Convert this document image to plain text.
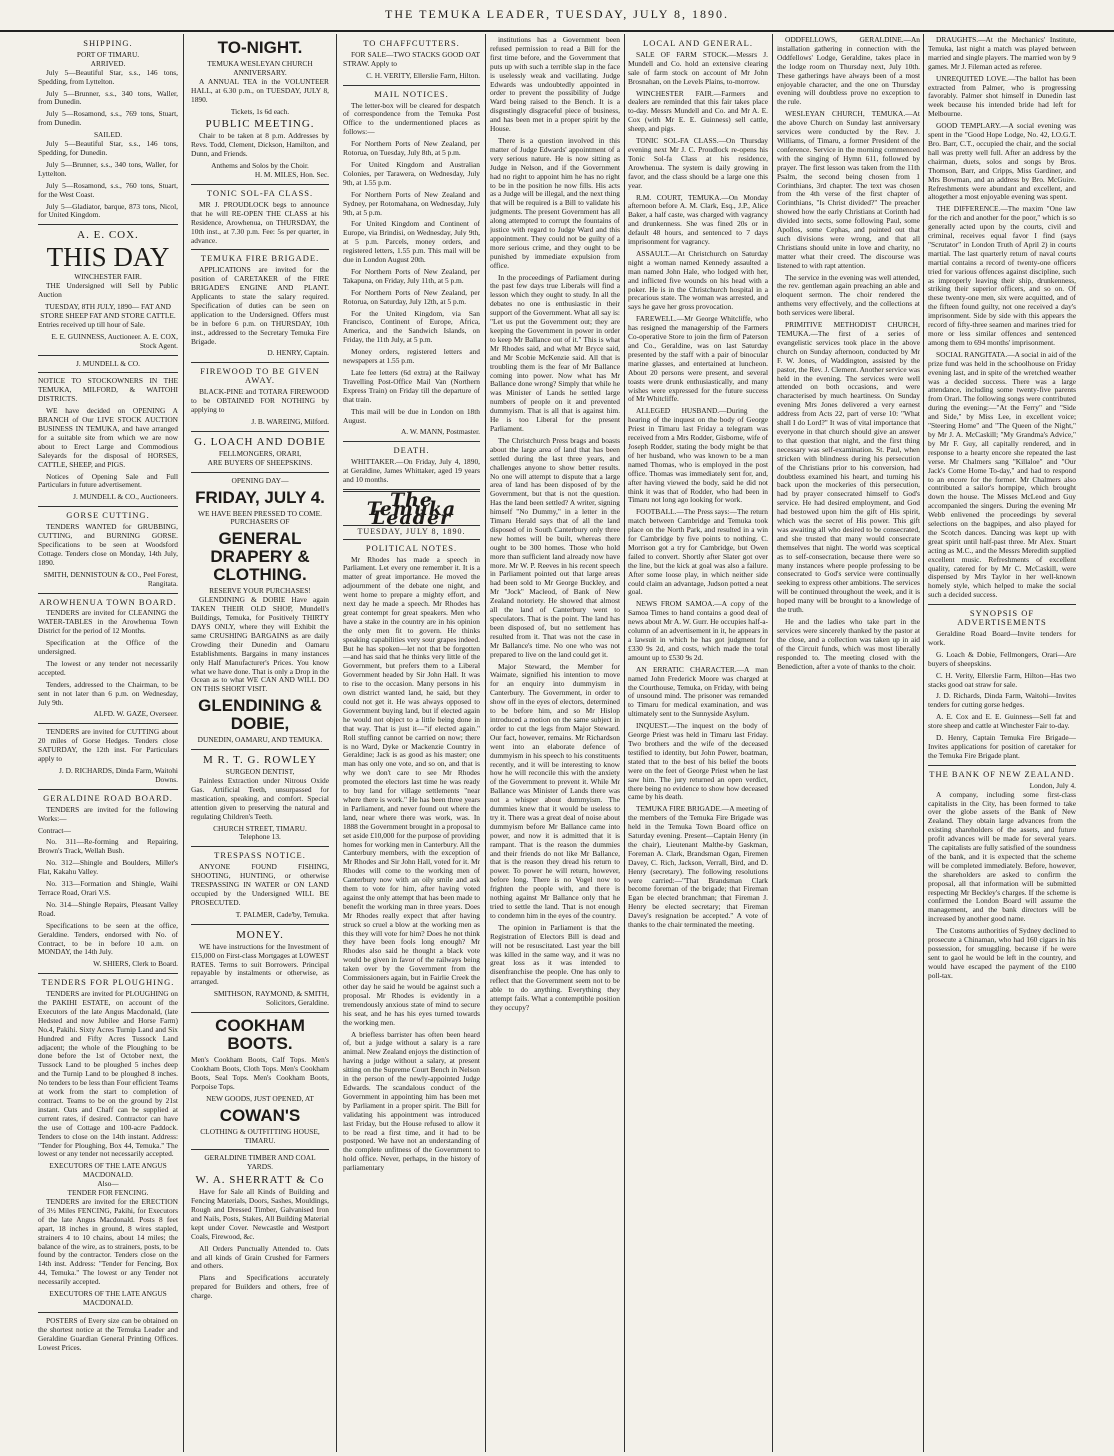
THE TEMUKA LEADER, TUESDAY, JULY 8, 1890.
SHIPPING.
PORT OF TIMARU.
ARRIVED.

July 5—Beautiful Star, s.s., 146 tons, Spedding, from Lyttelton.

July 5—Brunner, s.s., 340 tons, Waller, from Dunedin.

July 5—Rosamond, s.s., 769 tons, Stuart, from Dunedin.

SAILED.

July 5—Beautiful Star, s.s., 146 tons, Spedding, for Dunedin.

July 5—Brunner, s.s., 340 tons, Waller, for Lyttelton.

July 5—Rosamond, s.s., 760 tons, Stuart, for the West Coast.

July 5—Gladiator, barque, 873 tons, Nicol, for United Kingdom.

A. E. COX.
THIS DAY
WINCHESTER FAIR.

THE Undersigned will Sell by Public Auction

TUESDAY, 8TH JULY, 1890— FAT AND STORE SHEEP FAT AND STORE CATTLE.

Entries received up till hour of Sale.

E. E. GUINNESS, Auctioneer. A. E. COX, Stock Agent.
J. MUNDELL & CO.

NOTICE TO STOCKOWNERS IN THE TEMUKA, MILFORD, & WAITOHI DISTRICTS.

WE have decided on OPENING A BRANCH of Our LIVE STOCK AUCTION BUSINESS IN TEMUKA, and have arranged for a suitable site from which we are now about to Erect Large and Commodious Saleyards for the disposal of HORSES, CATTLE, SHEEP, and PIGS.

Notices of Opening Sale and Full Particulars in future advertisement.

J. MUNDELL & CO., Auctioneers.
GORSE CUTTING.

TENDERS WANTED for GRUBBING, CUTTING, and BURNING GORSE. Specifications to be seen at Woodsford Cottage. Tenders close on Monday, 14th July, 1890.

SMITH, DENNISTOUN & CO., Peel Forest, Rangitata.
AROWHENUA TOWN BOARD.

TENDERS are invited for CLEANING the WATER-TABLES in the Arowhenua Town District for the period of 12 Months.

Specification at the Office of the undersigned.

The lowest or any tender not necessarily accepted.

Tenders, addressed to the Chairman, to be sent in not later than 6 p.m. on Wednesday, July 9th.

ALFD. W. GAZE, Overseer.

TENDERS are invited for CUTTING about 20 miles of Gorse Hedges. Tenders close SATURDAY, the 12th inst. For Particulars apply to

J. D. RICHARDS, Dinda Farm, Waitohi Downs.
GERALDINE ROAD BOARD.

TENDERS are invited for the following Works:—

Contract—

No. 311—Re-forming and Repairing, Brown's Track, Wellah Bush.

No. 312—Shingle and Boulders, Miller's Flat, Kakahu Valley.

No. 313—Formation and Shingle, Waihi Terrace Road, Orari V.S.

No. 314—Shingle Repairs, Pleasant Valley Road.

Specifications to be seen at the office, Geraldine. Tenders, endorsed with No. of Contract, to be in before 10 a.m. on MONDAY, the 14th July.

W. SHIERS, Clerk to Board.
TENDERS FOR PLOUGHING.

TENDERS are invited for PLOUGHING on the PAKIHI ESTATE, on account of the Executors of the late Angus Macdonald, (late Hedsted and now Jubilee and Horse Farm) No.4, Pakihi. Sixty Acres Turnip Land and Six Hundred and Fifty Acres Tussock Land adjacent; the whole of the Ploughing to be done before the 1st of October next, the Tussock Land to be ploughed 5 inches deep and the Turnip Land to be ploughed 8 inches. No tenders to be less than Four efficient Teams at work from the start to completion of contract. Teams to be on the ground by 21st instant. Oats and Chaff can be supplied at current rates, if desired. Contractor can have the use of Cottage and 100-acre Paddock. Tenders to close on the 14th instant. Address: "Tender for Ploughing, Box 44, Temuka." The lowest or any tender not necessarily accepted.

EXECUTORS OF THE LATE ANGUS MACDONALD.
Also—
TENDER FOR FENCING.

TENDERS are invited for the ERECTION of 3½ Miles FENCING, Pakihi, for Executors of the late Angus Macdonald. Posts 8 feet apart, 18 inches in ground, 8 wires stapled, strainers 4 to 10 chains, about 14 miles; the balance of the wire, as to strainers, posts, to be found by the contractor. Tenders close on the 14th inst. Address: "Tender for Fencing, Box 44, Temuka." The lowest or any Tender not necessarily accepted.

EXECUTORS OF THE LATE ANGUS MACDONALD.

POSTERS of Every size can be obtained on the shortest notice at the Temuka Leader and Geraldine Guardian General Printing Offices. Lowest Prices.

TO-NIGHT.
TEMUKA WESLEYAN CHURCH ANNIVERSARY.

A ANNUAL TEA in the VOLUNTEER HALL, at 6.30 p.m., on TUESDAY, JULY 8, 1890.

Tickets, 1s 6d each.
PUBLIC MEETING.

Chair to be taken at 8 p.m. Addresses by Revs. Todd, Clement, Dickson, Hamilton, and Dunn, and Friends.

Anthems and Solos by the Choir.
H. M. MILES, Hon. Sec.
TONIC SOL-FA CLASS.

MR J. PROUDLOCK begs to announce that he will RE-OPEN THE CLASS at his Residence, Arowhenua, on THURSDAY, the 10th inst., at 7.30 p.m. Fee: 5s per quarter, in advance.

TEMUKA FIRE BRIGADE.

APPLICATIONS are invited for the position of CARETAKER of the FIRE BRIGADE'S ENGINE AND PLANT. Applicants to state the salary required. Specification of duties can be seen on application to the Undersigned. Offers must be in before 6 p.m. on THURSDAY, 10th inst., addressed to the Secretary Temuka Fire Brigade.

D. HENRY, Captain.
FIREWOOD TO BE GIVEN AWAY.

BLACK-PINE and TOTARA FIREWOOD to be OBTAINED FOR NOTHING by applying to

J. B. WAREING, Milford.
G. LOACH AND DOBIE
FELLMONGERS, ORARI,
ARE BUYERS OF SHEEPSKINS.
OPENING DAY—
FRIDAY, JULY 4.
WE HAVE BEEN PRESSED TO COME.
PURCHASERS OF
GENERAL DRAPERY & CLOTHING.
RESERVE YOUR PURCHASES!

GLENDINING & DOBIE Have again TAKEN THEIR OLD SHOP, Mundell's Buildings, Temuka, for Positively THIRTY DAYS ONLY, where they will Exhibit the same CRUSHING BARGAINS as are daily Crowding their Dunedin and Oamaru Establishments. Bargains in many instances only Half Manufacturer's Prices. You know what we have done. That is only a Drop in the Ocean as to what WE CAN AND WILL DO ON THIS SHORT VISIT.

GLENDINING & DOBIE,
DUNEDIN, OAMARU, AND TEMUKA.
M R. T. G. ROWLEY
SURGEON DENTIST,

Painless Extraction under Nitrous Oxide Gas. Artificial Teeth, unsurpassed for mastication, speaking, and comfort. Special attention given to preserving the natural and regulating Children's Teeth.

CHURCH STREET, TIMARU.
Telephone 13.
TRESPASS NOTICE.

ANYONE FOUND FISHING, SHOOTING, HUNTING, or otherwise TRESPASSING IN WATER or ON LAND occupied by the Undersigned WILL BE PROSECUTED.

T. PALMER, Cade'by, Temuka.
MONEY.

WE have instructions for the Investment of £15,000 on First-class Mortgages at LOWEST RATES. Terms to suit Borrowers. Principal repayable by instalments or otherwise, as arranged.

SMITHSON, RAYMOND, & SMITH, Solicitors, Geraldine.
COOKHAM BOOTS.

Men's Cookham Boots, Calf Tops. Men's Cookham Boots, Cloth Tops. Men's Cookham Boots, Seal Tops. Men's Cookham Boots, Porpoise Tops.

NEW GOODS, JUST OPENED, AT
COWAN'S
CLOTHING & OUTFITTING HOUSE, TIMARU.
GERALDINE TIMBER AND COAL YARDS.
W. A. SHERRATT & Co

Have for Sale all Kinds of Building and Fencing Materials, Doors, Sashes, Mouldings, Rough and Dressed Timber, Galvanised Iron and Nails, Posts, Stakes, All Building Material kept under Cover. Newcastle and Westport Coals, Firewood, &c.

All Orders Punctually Attended to. Oats and all kinds of Grain Crushed for Farmers and others.

Plans and Specifications accurately prepared for Builders and others, free of charge.

TO CHAFFCUTTERS.

FOR SALE—TWO STACKS GOOD OAT STRAW. Apply to

C. H. VERITY, Ellerslie Farm, Hilton.
MAIL NOTICES.

The letter-box will be cleared for despatch of correspondence from the Temuka Post Office to the undermentioned places as follows:—

For Northern Ports of New Zealand, per Rotorua, on Tuesday, July 8th, at 5 p.m.

For United Kingdom and Australian Colonies, per Tarawera, on Wednesday, July 9th, at 1.55 p.m.

For Northern Ports of New Zealand and Sydney, per Rotomahana, on Wednesday, July 9th, at 5 p.m.

For United Kingdom and Continent of Europe, via Brindisi, on Wednesday, July 9th, at 5 p.m. Parcels, money orders, and registered letters, 1.55 p.m. This mail will be due in London August 20th.

For Northern Ports of New Zealand, per Takapuna, on Friday, July 11th, at 5 p.m.

For Northern Ports of New Zealand, per Rotorua, on Saturday, July 12th, at 5 p.m.

For the United Kingdom, via San Francisco, Continent of Europe, Africa, America, and the Sandwich Islands, on Friday, the 11th July, at 5 p.m.

Money orders, registered letters and newspapers at 1.55 p.m.

Late fee letters (6d extra) at the Railway Travelling Post-Office Mail Van (Northern Express Train) on Friday till the departure of that train.

This mail will be due in London on 18th August.

A. W. MANN, Postmaster.
DEATH.

WHITTAKER.—On Friday, July 4, 1890, at Geraldine, James Whittaker, aged 19 years and 10 months.

The Temuka Leader
TUESDAY, JULY 8, 1890.
POLITICAL NOTES.

Mr Rhodes has made a speech in Parliament. Let every one remember it. It is a matter of great importance. He moved the adjournment of the debate one night, and went home to prepare a mighty effort, and next day he made a speech. Mr Rhodes has great contempt for great speakers. Men who have a stake in the country are in his opinion the only men fit to govern. He thinks speaking capabilities very sour grapes indeed. But he has spoken—let not that be forgotten—and has said that he thinks very little of the Government, but prefers them to a Liberal Government headed by Sir John Hall. It was to rise to the occasion. Many persons in his own district wanted land, he said, but they could not get it. He was always opposed to Government buying land, but if elected again he would not object to a little being done in that way. That is just it—"if elected again." Roll stuffing cannot be carried on now; there is no Ward, Dyke or Mackenzie Country in Geraldine; Jack is as good as his master; one man has only one vote, and so on, and that is why we don't care to see Mr Rhodes promoted the electors last time he was ready to buy land for village settlements "near where there is work." He has been three years in Parliament, and never found out where the land, near where there was work, was. In 1888 the Government brought in a proposal to set aside £10,000 for the purpose of providing homes for working men in Canterbury. All the Canterbury members, with the exception of Mr Rhodes and Sir John Hall, voted for it. Mr Rhodes will come to the working men of Canterbury now with an oily smile and ask them to vote for him, after having voted against the only attempt that has been made to benefit the working man in three years. Does Mr Rhodes really expect that after having struck so cruel a blow at the working men as this they will vote for him? Does he not think they have been fools long enough? Mr Rhodes also said he thought a black vote would be given in favor of the railways being taken over by the Government from the Commissioners again, but in Fairlie Creek the other day he said he would be against such a proposal. Mr Rhodes is evidently in a tremendously anxious state of mind to secure his seat, and he has his eyes turned towards the working men.

A briefless barrister has often been heard of, but a judge without a salary is a rare animal. New Zealand enjoys the distinction of having a judge without a salary, at present sitting on the Supreme Court Bench in Nelson in the person of the newly-appointed Judge Edwards. The scandalous conduct of the Government in appointing him has been met by Parliament in a proper spirit. The Bill for validating his appointment was introduced last Friday, but the House refused to allow it to be read a first time, and it had to be postponed. We have not an understanding of the complete unfitness of the Government to hold office. Never, perhaps, in the history of parliamentary

institutions has a Government been refused permission to read a Bill for the first time before, and the Government that puts up with such a terrible slap in the face is uselessly weak and vacillating. Judge Edwards was undoubtedly appointed in order to prevent the possibility of Judge Ward being raised to the Bench. It is a disgustingly disgraceful piece of business, and has been met in a proper spirit by the House.

There is a question involved in this matter of Judge Edwards' appointment of a very serious nature. He is now sitting as Judge in Nelson, and if the Government had no right to appoint him he has no right to be in the position he now fills. His acts as a Judge will be illegal, and the next thing that will be required is a Bill to validate his judgments. The present Government has all along attempted to corrupt the fountains of justice with regard to Judge Ward and this appointment. They could not be guilty of a more serious crime, and they ought to be punished by immediate expulsion from office.

In the proceedings of Parliament during the past few days true Liberals will find a lesson which they ought to study. In all the debates no one is enthusiastic in their support of the Government. What all say is: "Let us put the Government out; they are keeping the Government in power in order to keep Mr Ballance out of it." This is what Mr Rhodes said, and what Mr Bryce said, and Mr Scobie McKenzie said. All that is troubling them is the fear of Mr Ballance coming into power. Now what has Mr Ballance done wrong? Simply that while he was Minister of Lands he settled large numbers of people on it and prevented dummyism. That is all that is against him. He is too Liberal for the present Parliament.

The Christchurch Press brags and boasts about the large area of land that has been settled during the last three years, and challenges anyone to show better results. No one will attempt to dispute that a large area of land has been disposed of by the Government, but that is not the question. Has the land been settled? A writer, signing himself "No Dummy," in a letter in the Timaru Herald says that of all the land disposed of in South Canterbury only three new homes will be built, whereas there ought to be 300 homes. Those who hold more than sufficient land already now have more. Mr W. P. Reeves in his recent speech in Parliament pointed out that large areas had been sold to Mr George Buckley, and Mr "Jock" Macleod, of Bank of New Zealand notoriety. He showed that almost all the land of Canterbury went to speculators. That is the point. The land has been disposed of, but no settlement has resulted from it. That was not the case in Mr Ballance's time. No one who was not prepared to live on the land could get it.

Major Steward, the Member for Waimate, signified his intention to move for an enquiry into dummyism in Canterbury. The Government, in order to show off in the eyes of electors, determined to be before him, and so Mr Hislop introduced a motion on the same subject in order to cut the legs from Major Steward. Our fact, however, remains. Mr Richardson went into an elaborate defence of dummyism in his speech to his constituents recently, and it will be interesting to know how he will reconcile this with the anxiety of the Government to prevent it. While Mr Ballance was Minister of Lands there was not a whisper about dummyism. The dummies knew that it would be useless to try it. There was a great deal of noise about dummyism before Mr Ballance came into power, and now it is admitted that it is rampant. That is the reason the dummies and their friends do not like Mr Ballance, that is the reason they dread his return to power. To power he will return, however, before long. There is no Vogel now to frighten the people with, and there is nothing against Mr Ballance only that he tried to settle the land. That is not enough to condemn him in the eyes of the country.

The opinion in Parliament is that the Registration of Electors Bill is dead and will not be resuscitated. Last year the bill was killed in the same way, and it was no great loss as it was intended to disenfranchise the people. One has only to reflect that the Government seem not to be able to do anything. Everything they attempt fails. What a contemptible position they occupy?

LOCAL AND GENERAL.

SALE OF FARM STOCK.—Messrs J. Mundell and Co. hold an extensive clearing sale of farm stock on account of Mr John Brosnahan, on the Levels Plains, to-morrow.

WINCHESTER FAIR.—Farmers and dealers are reminded that this fair takes place to-day. Messrs Mundell and Co. and Mr A. E. Cox (with Mr E. E. Guinness) sell cattle, sheep, and pigs.

TONIC SOL-FA CLASS.—On Thursday evening next Mr J. C. Proudlock re-opens his Tonic Sol-fa Class at his residence, Arowhenua. The system is daily growing in favor, and the class should be a large one this year.

R.M. COURT, TEMUKA.—On Monday afternoon before A. M. Clark, Esq., J.P., Alice Baker, a half caste, was charged with vagrancy and drunkenness. She was fined 20s or in default 48 hours, and sentenced to 7 days imprisonment for vagrancy.

ASSAULT.—At Christchurch on Saturday night a woman named Kennedy assaulted a man named John Hale, who lodged with her, and inflicted five wounds on his head with a poker. He is in the Christchurch hospital in a precarious state. The woman was arrested, and says he gave her gross provocation.

FAREWELL.—Mr George Whitcliffe, who has resigned the managership of the Farmers Co-operative Store to join the firm of Paterson and Co., Geraldine, was on last Saturday presented by the staff with a pair of binocular marine glasses, and entertained at luncheon. About 20 persons were present, and several toasts were drunk enthusiastically, and many wishes were expressed for the future success of Mr Whitcliffe.

ALLEGED HUSBAND.—During the hearing of the inquest on the body of George Priest in Timaru last Friday a telegram was received from a Mrs Rodder, Gisborne, wife of Joseph Rodder, stating the body might be that of her husband, who was known to be a man named Thomas, who is employed in the post office. Thomas was immediately sent for, and, after having viewed the body, said he did not think it was that of Rodder, who had been in Timaru not long ago looking for work.

FOOTBALL.—The Press says:—The return match between Cambridge and Temuka took place on the North Park, and resulted in a win for Cambridge by five points to nothing. C. Morrison got a try for Cambridge, but Owen failed to convert. Shortly after Slater got over the line, but the kick at goal was also a failure. After some loose play, in which neither side could claim an advantage, Judson potted a neat goal.

NEWS FROM SAMOA.—A copy of the Samoa Times to hand contains a good deal of news about Mr A. W. Gurr. He occupies half-a-column of an advertisement in it, he appears in a lawsuit in which he has got judgment for £330 9s 2d, and costs, which made the total amount up to £530 9s 2d.

AN ERRATIC CHARACTER.—A man named John Frederick Moore was charged at the Courthouse, Temuka, on Friday, with being of unsound mind. The prisoner was remanded to Timaru for medical examination, and was ultimately sent to the Sunnyside Asylum.

INQUEST.—The inquest on the body of George Priest was held in Timaru last Friday. Two brothers and the wife of the deceased testified to identity, but John Power, boatman, stated that to the best of his belief the boots were on the feet of George Priest when he last saw him. The jury returned an open verdict, there being no evidence to show how deceased came by his death.

TEMUKA FIRE BRIGADE.—A meeting of the members of the Temuka Fire Brigade was held in the Temuka Town Board office on Saturday evening. Present—Captain Henry (in the chair), Lieutenant Malthe-by Gaskman, Foreman A. Clark, Brandsman Ogan, Firemen Davey, C. Rich, Jackson, Verrall, Bird, and D. Henry (secretary). The following resolutions were carried:—"That Brandsman Clark become foreman of the brigade; that Fireman Egan be elected branchman; that Fireman J. Henry be elected secretary; that Fireman Davey's resignation be accepted." A vote of thanks to the chair terminated the meeting.

ODDFELLOWS, GERALDINE.—An installation gathering in connection with the Oddfellows' Lodge, Geraldine, takes place in the lodge room on Thursday next, July 10th. These gatherings have always been of a most enjoyable character, and the one on Thursday evening will doubtless prove no exception to the rule.

WESLEYAN CHURCH, TEMUKA.—At the above Church on Sunday last anniversary services were conducted by the Rev. J. Williams, of Timaru, a former President of the conference. Service in the morning commenced with the singing of Hymn 611, followed by prayer. The first lesson was taken from the 11th Psalm, the second being chosen from 1 Corinthians, 3rd chapter. The text was chosen from the 4th verse of the first chapter of Corinthians, "Is Christ divided?" The preacher showed how the early Christians at Corinth had divided into sects, some following Paul, some Apollos, some Cephas, and pointed out that such divisions were wrong, and that all Christians should unite in love and charity, no matter what their creed. The discourse was listened to with rapt attention.

The service in the evening was well attended, the rev. gentleman again preaching an able and eloquent sermon. The choir rendered the anthems very effectively, and the collections at both services were liberal.

PRIMITIVE METHODIST CHURCH, TEMUKA.—The first of a series of evangelistic services took place in the above church on Sunday afternoon, conducted by Mr F. W. Jones, of Waddington, assisted by the pastor, the Rev. J. Clement. Another service was held in the evening. The services were well attended on both occasions, and were characterised by much heartiness. On Sunday evening Mrs Jones delivered a very earnest address from Acts 22, part of verse 10: "What shall I do Lord?" It was of vital importance that everyone in that church should give an answer to that question that night, and the first thing necessary was self-examination. St. Paul, when stricken with blindness during his persecution of the Christians prior to his conversion, had doubtless examined his heart, and turning his back upon the mockeries of this persecution, had by prayer consecrated himself to God's service. He had desired employment, and God had bestowed upon him the gift of His spirit, which was the secret of His power. This gift was awaiting all who desired to be consecrated, and she trusted that many would consecrate themselves that night. The world was sceptical as to self-consecration, because there were so many instances where people professing to be consecrated to God's service were continually seeking to express other ambitions. The services will be continued throughout the week, and it is hoped many will be brought to a knowledge of the truth.

He and the ladies who take part in the services were sincerely thanked by the pastor at the close, and a collection was taken up in aid of the Circuit funds, which was most liberally responded to. The meeting closed with the Benediction, after a vote of thanks to the choir.

DRAUGHTS.—At the Mechanics' Institute, Temuka, last night a match was played between married and single players. The married won by 9 games. Mr J. Fileman acted as referee.

UNREQUITED LOVE.—The ballot has been extracted from Palmer, who is progressing favorably. Palmer shot himself in Dunedin last week because his intended bride had left for Melbourne.

GOOD TEMPLARY.—A social evening was spent in the "Good Hope Lodge, No. 42, I.O.G.T. Bro. Barr, C.T., occupied the chair, and the social hall was pretty well full. After an address by the chairman, duets, solos and songs by Bros. Thomson, Barr, and Cripps, Miss Gardiner, and Mrs Bowman, and an address by Bro. McGuire. Refreshments were abundant and excellent, and altogether a most enjoyable evening was spent.

THE DIFFERENCE.—The maxim "One law for the rich and another for the poor," which is so generally acted upon by the courts, civil and criminal, receives equal favor I find (says "Scrutator" in London Truth of April 2) in courts martial. The last quarterly return of naval courts martial contains a record of twenty-one officers tried for various offences against discipline, such as improperly leaving their ship, drunkenness, striking their superior officers, and so on. Of these twenty-one men, six were acquitted, and of the fifteen found guilty, not one received a day's imprisonment. Side by side with this appears the record of fifty-three seamen and marines tried for more or less similar offences and sentenced among them to 694 months' imprisonment.

SOCIAL RANGITATA.—A social in aid of the prize fund was held in the schoolhouse on Friday evening last, and in spite of the wretched weather was a decided success. There was a large attendance, including some twenty-five parents from Orari. The following songs were contributed during the evening:—"At the Ferry" and "Side and Side," by Miss Lee, in excellent voice; "Steering Home" and "The Queen of the Night," by Mr J. A. McCaskill; "My Grandma's Advice," by Mr F. Guy, all capitally rendered, and in response to a hearty encore she repeated the last verse. Mr Chalmers sang "Killaloe" and "Our Jack's Come Home To-day," and had to respond to an encore for the former. Mr Chalmers also contributed a sailor's hornpipe, which brought down the house. The Misses McLeod and Guy accompanied the singers. During the evening Mr Webb enlivened the proceedings by several selections on the bagpipes, and also played for the Scotch dances. Dancing was kept up with great spirit until half-past three. Mr Alex. Stuart acting as M.C., and the Messrs Meredith supplied excellent music. Refreshments of excellent quality, catered for by Mr C. McCaskill, were dispensed by Mrs Taylor in her well-known homely style, which helped to make the social such a decided success.

SYNOPSIS OF ADVERTISEMENTS

Geraldine Road Board—Invite tenders for work.

G. Loach & Dobie, Fellmongers, Orari—Are buyers of sheepskins.

C. H. Verity, Ellerslie Farm, Hilton—Has two stacks good oat straw for sale.

J. D. Richards, Dinda Farm, Waitohi—Invites tenders for cutting gorse hedges.

A. E. Cox and E. E. Guinness—Sell fat and store sheep and cattle at Winchester Fair to-day.

D. Henry, Captain Temuka Fire Brigade—Invites applications for position of caretaker for the Temuka Fire Brigade plant.

THE BANK OF NEW ZEALAND.
London, July 4.

A company, including some first-class capitalists in the City, has been formed to take over the globe assets of the Bank of New Zealand. They obtain large advances from the existing shareholders of the assets, and future profit advances will be made for several years. The capitalists are fully satisfied of the soundness of the bank, and it is expected that the scheme will be completed immediately. Before, however, the shareholders are asked to confirm the proposal, all that information will be submitted respecting Mr Beckley's charges. If the scheme is confirmed the London Board will assume the management, and the bank directors will be increased by another good name.

The Customs authorities of Sydney declined to prosecute a Chinaman, who had 160 cigars in his possession, for smuggling, because if he were sent to gaol he would be left in the country, and would have escaped the payment of the £100 poll-tax.
